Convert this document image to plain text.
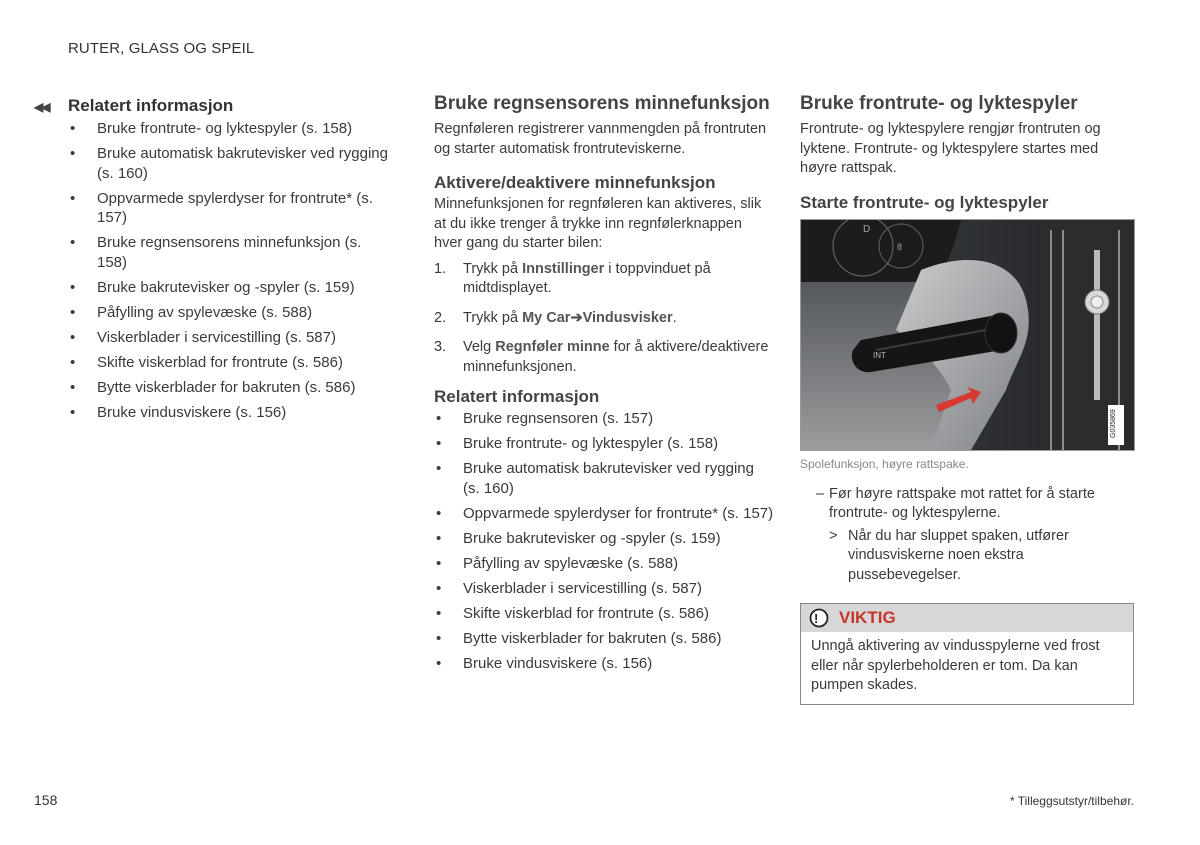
RUTER, GLASS OG SPEIL
◀◀	Relatert informasjon
• Bruke frontrute- og lyktespyler (s. 158)
• Bruke automatisk bakrutevisker ved rygging (s. 160)
• Oppvarmede spylerdyser for frontrute* (s. 157)
• Bruke regnsensorens minnefunksjon (s. 158)
• Bruke bakrutevisker og -spyler (s. 159)
• Påfylling av spylevæske (s. 588)
• Viskerblader i servicestilling (s. 587)
• Skifte viskerblad for frontrute (s. 586)
• Bytte viskerblader for bakruten (s. 586)
• Bruke vindusviskere (s. 156)
Bruke regnsensorens minnefunksjon

Regnføleren registrerer vannmengden på frontruten og starter automatisk frontruteviskerne.

Aktivere/deaktivere minnefunksjon

Minnefunksjonen for regnføleren kan aktiveres, slik at du ikke trenger å trykke inn regnfølerknappen hver gang du starter bilen:

1.	Trykk på Innstillinger i toppvinduet på midtdisplayet.
2.	Trykk på My Car➔Vindusvisker.
3.	Velg Regnføler minne for å aktivere/deaktivere minnefunksjonen.
Relatert informasjon
• Bruke regnsensoren (s. 157)
• Bruke frontrute- og lyktespyler (s. 158)
• Bruke automatisk bakrutevisker ved rygging (s. 160)
• Oppvarmede spylerdyser for frontrute* (s. 157)
• Bruke bakrutevisker og -spyler (s. 159)
• Påfylling av spylevæske (s. 588)
• Viskerblader i servicestilling (s. 587)
• Skifte viskerblad for frontrute (s. 586)
• Bytte viskerblader for bakruten (s. 586)
• Bruke vindusviskere (s. 156)
Bruke frontrute- og lyktespyler

Frontrute- og lyktespylere rengjør frontruten og lyktene. Frontrute- og lyktespylere startes med høyre rattspak.

Starte frontrute- og lyktespyler
D
8
INT
G035869
Spolefunksjon, høyre rattspake.
– Før høyre rattspake mot rattet for å starte frontrute- og lyktespylerne.
> Når du har sluppet spaken, utfører vindusviskerne noen ekstra pussebevegelser.
VIKTIG
Unngå aktivering av vindusspylerne ved frost eller når spylerbeholderen er tom. Da kan pumpen skades.
158	* Tilleggsutstyr/tilbehør.
